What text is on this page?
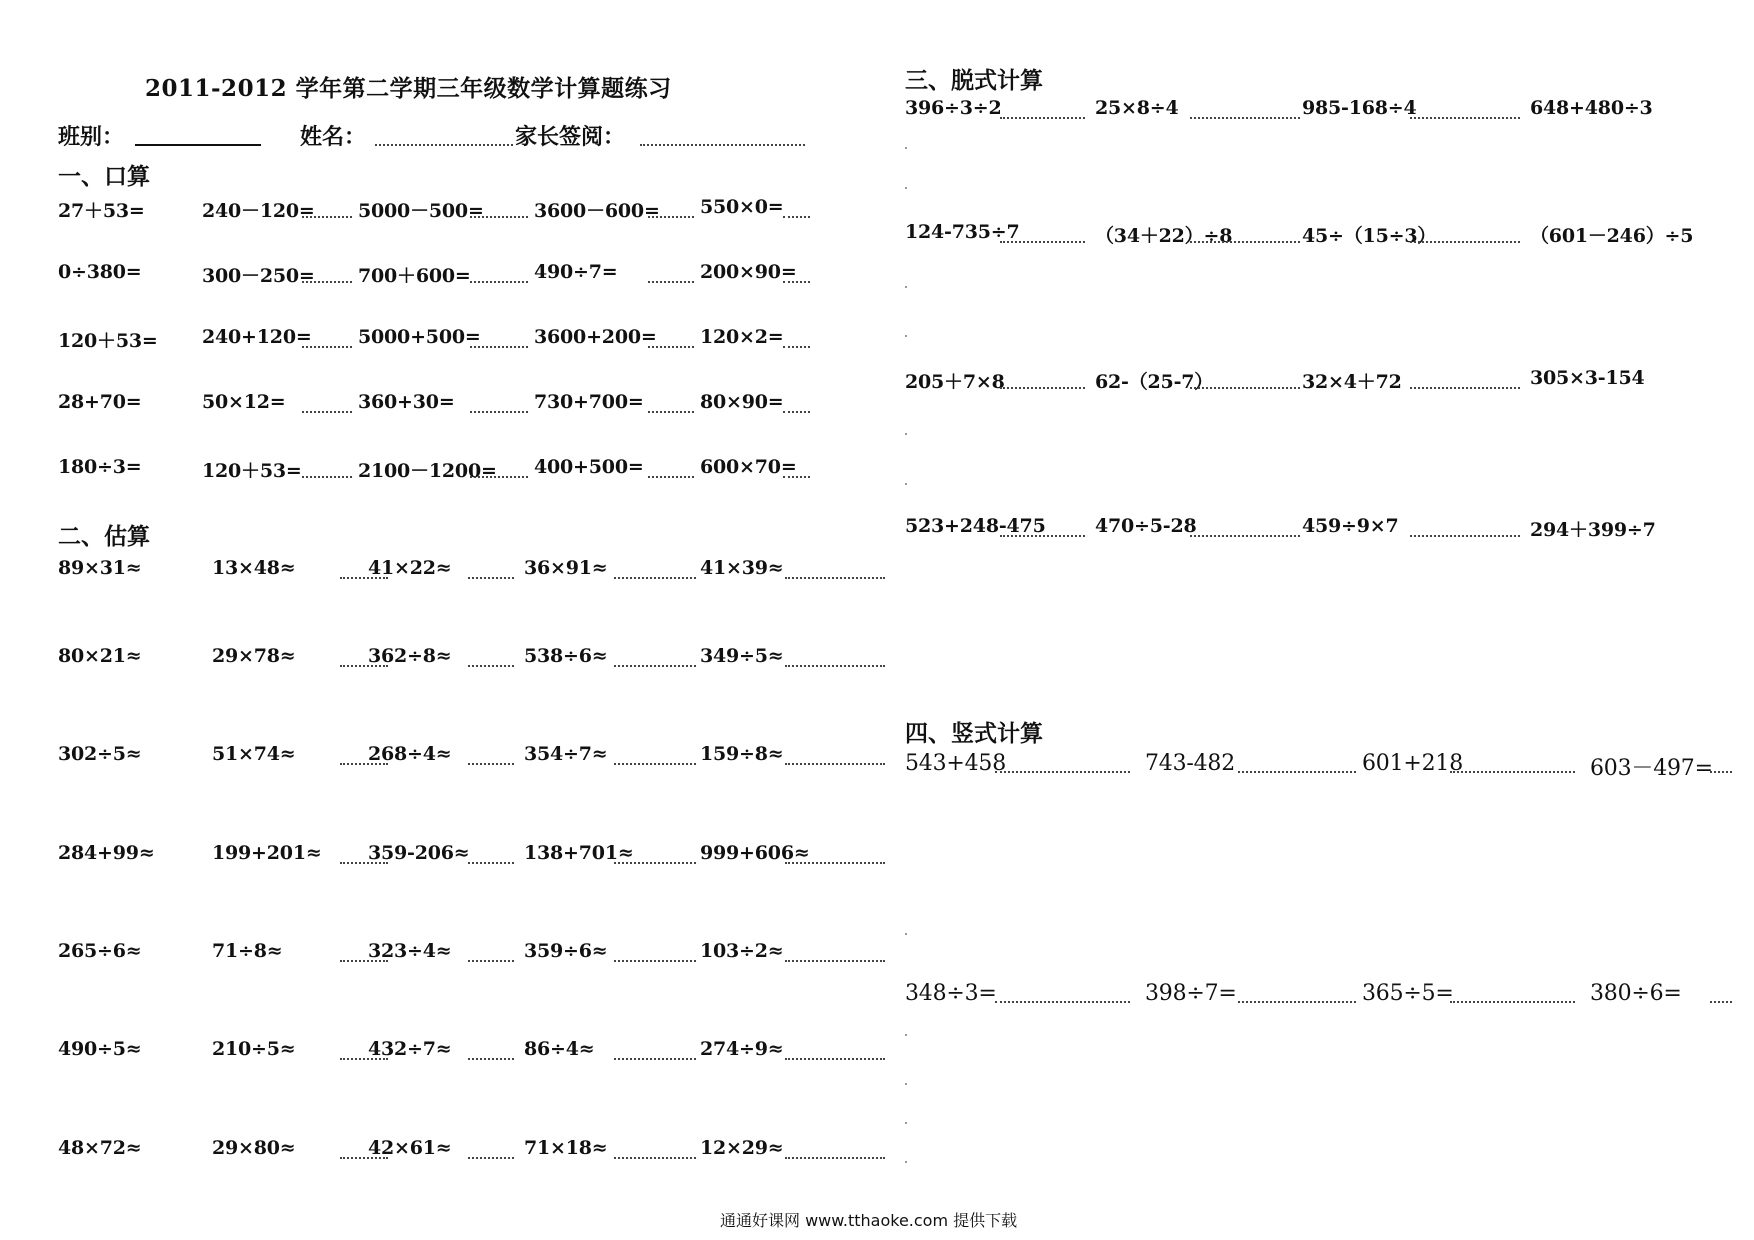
2011-2012 学年第二学期三年级数学计算题练习
班别：	姓名：	家长签阅：
一、口算
27＋53=	240－120= 5000－500=	3600－600= 550×0=
0÷380=	300－250= 700＋600=	490÷7=	200×90=
120＋53= 240+120= 5000+500=	3600+200= 120×2=
28+70=	50×12=	360+30=	730+700=	80×90=
180÷3=	120＋53=	2100－1200= 400+500=	600×70=
二、估算
89×31≈	13×48≈	41×22≈	36×91≈	41×39≈
80×21≈	29×78≈	362÷8≈	538÷6≈	349÷5≈
302÷5≈	51×74≈	268÷4≈	354÷7≈	159÷8≈
284+99≈	199+201≈ 359-206≈	138+701≈	999+606≈
265÷6≈	71÷8≈	323÷4≈	359÷6≈	103÷2≈
490÷5≈	210÷5≈	432÷7≈	86÷4≈	274÷9≈
48×72≈	29×80≈	42×61≈	71×18≈	12×29≈
三、脱式计算
396÷3÷2	25×8÷4	985-168÷4	648+480÷3
124-735÷7	（34＋22）÷8	45÷（15÷3）	（601－246）÷5
205＋7×8	62-（25-7）	32×4＋72	305×3-154
523+248-475	470÷5-28	459÷9×7	294＋399÷7
四、竖式计算
543+458	743-482	601+218	603－497=
348÷3=	398÷7=	365÷5=	380÷6=
通通好课网 www.tthaoke.com 提供下载
